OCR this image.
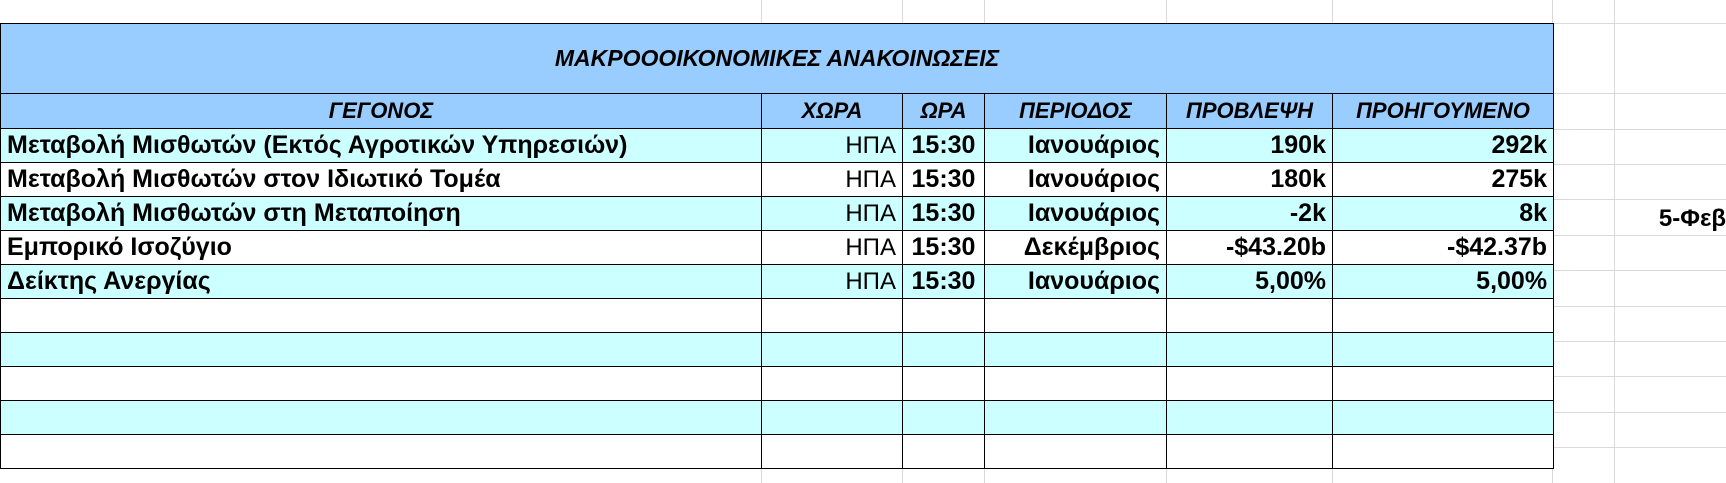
ΜΑΚΡΟΟΟΙΚΟΝΟΜΙΚΕΣ ΑΝΑΚΟΙΝΩΣΕΙΣ					
ΓΕΓΟΝΟΣ	ΧΩΡΑ	ΩΡΑ	ΠΕΡΙΟΔΟΣ	ΠΡΟΒΛΕΨΗ	ΠΡΟΗΓΟΥΜΕΝΟ
Μεταβολή Μισθωτών (Εκτός Αγροτικών Υπηρεσιών)	ΗΠΑ	15:30	Ιανουάριος	190k	292k
Μεταβολή Μισθωτών στον Ιδιωτικό Τομέα	ΗΠΑ	15:30	Ιανουάριος	180k	275k
Μεταβολή Μισθωτών στη Μεταποίηση	ΗΠΑ	15:30	Ιανουάριος	-2k	8k
Εμπορικό Ισοζύγιο	ΗΠΑ	15:30	Δεκέμβριος	-$43.20b	-$42.37b
Δείκτης Ανεργίας	ΗΠΑ	15:30	Ιανουάριος	5,00%	5,00%

5-Φεβ
